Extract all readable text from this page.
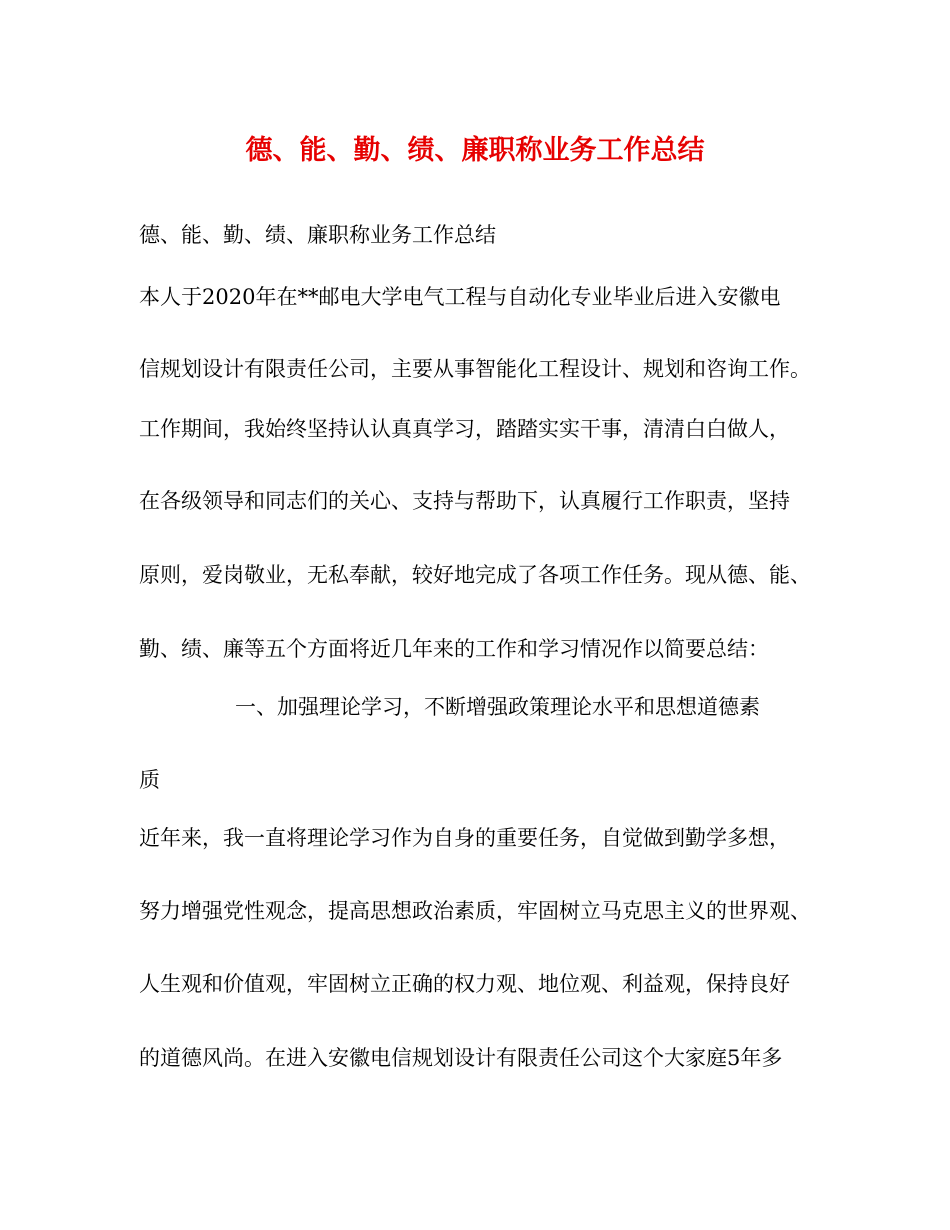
德、能、勤、绩、廉职称业务工作总结
德、能、勤、绩、廉职称业务工作总结
本人于2020年在**邮电大学电气工程与自动化专业毕业后进入安徽电
信规划设计有限责任公司，主要从事智能化工程设计、规划和咨询工作。
工作期间，我始终坚持认认真真学习，踏踏实实干事，清清白白做人，
在各级领导和同志们的关心、支持与帮助下，认真履行工作职责，坚持
原则，爱岗敬业，无私奉献，较好地完成了各项工作任务。现从德、能、
勤、绩、廉等五个方面将近几年来的工作和学习情况作以简要总结：
一、加强理论学习，不断增强政策理论水平和思想道德素
质
近年来，我一直将理论学习作为自身的重要任务，自觉做到勤学多想，
努力增强党性观念，提高思想政治素质，牢固树立马克思主义的世界观、
人生观和价值观，牢固树立正确的权力观、地位观、利益观，保持良好
的道德风尚。在进入安徽电信规划设计有限责任公司这个大家庭5年多
